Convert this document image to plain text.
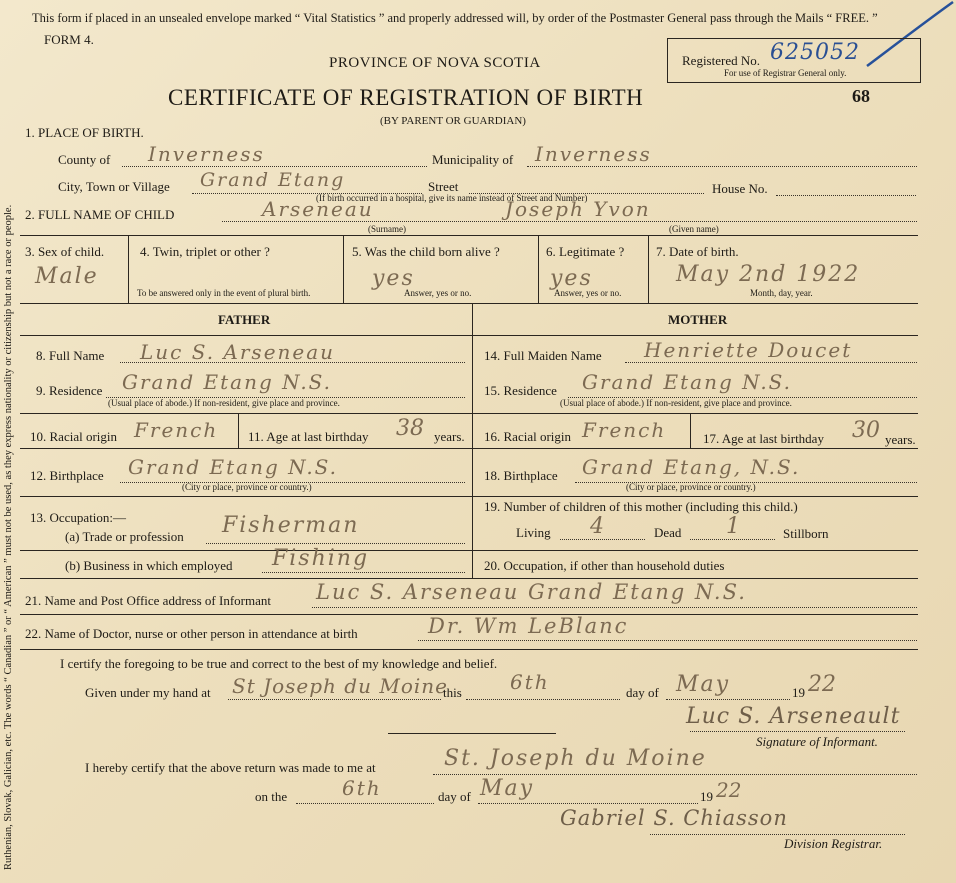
Ruthenian, Slovak, Galician, etc. The words “ Canadian ” or “ American ” must not be used, as they express nationality or citizenship but not a race or people.
This form if placed in an unsealed envelope marked “ Vital Statistics ” and properly addressed will, by order of the Postmaster General pass through the Mails “ FREE. ”
FORM 4.
PROVINCE OF NOVA SCOTIA	Registered No. 625052
For use of Registrar General only.
CERTIFICATE OF REGISTRATION OF BIRTH	68
(BY PARENT OR GUARDIAN)
1. PLACE OF BIRTH.
County of Inverness	Municipality of Inverness
City, Town or Village Grand Etang	Street	House No.
(If birth occurred in a hospital, give its name instead of Street and Number)
2. FULL NAME OF CHILD	Arseneau	Joseph Yvon
(Surname)	(Given name)
3. Sex of child.
Male
4. Twin, triplet or other ?
To be answered only in the event of plural birth.
5. Was the child born alive ?
yes
Answer, yes or no.
6. Legitimate ?
yes
Answer, yes or no.
7. Date of birth.
May 2nd 1922
Month, day, year.
FATHER	MOTHER
8. Full Name Luc S. Arseneau
9. Residence Grand Etang N.S.
(Usual place of abode.) If non-resident, give place and province.
10. Racial origin French 11. Age at last birthday 38 years.
12. Birthplace Grand Etang N.S.
(City or place, province or country.)
13. Occupation:—
(a) Trade or profession Fisherman
(b) Business in which employed Fishing
14. Full Maiden Name Henriette Doucet
15. Residence Grand Etang N.S.
(Usual place of abode.) If non-resident, give place and province.
16. Racial origin French	17. Age at last birthday 30 years.
18. Birthplace Grand Etang, N.S.
(City or place, province or country.)
19. Number of children of this mother (including this child.)
Living 4	Dead 1	Stillborn
20. Occupation, if other than household duties
21. Name and Post Office address of Informant Luc S. Arseneau Grand Etang N.S.
22. Name of Doctor, nurse or other person in attendance at birth	Dr. Wm LeBlanc
I certify the foregoing to be true and correct to the best of my knowledge and belief.
Given under my hand at St Joseph du Moine
this 6th	day of May	19 22
Luc S. Arseneault
Signature of Informant.
I hereby certify that the above return was made to me at	St. Joseph du Moine
on the	6th	day of May	19 22
Gabriel S. Chiasson
Division Registrar.
